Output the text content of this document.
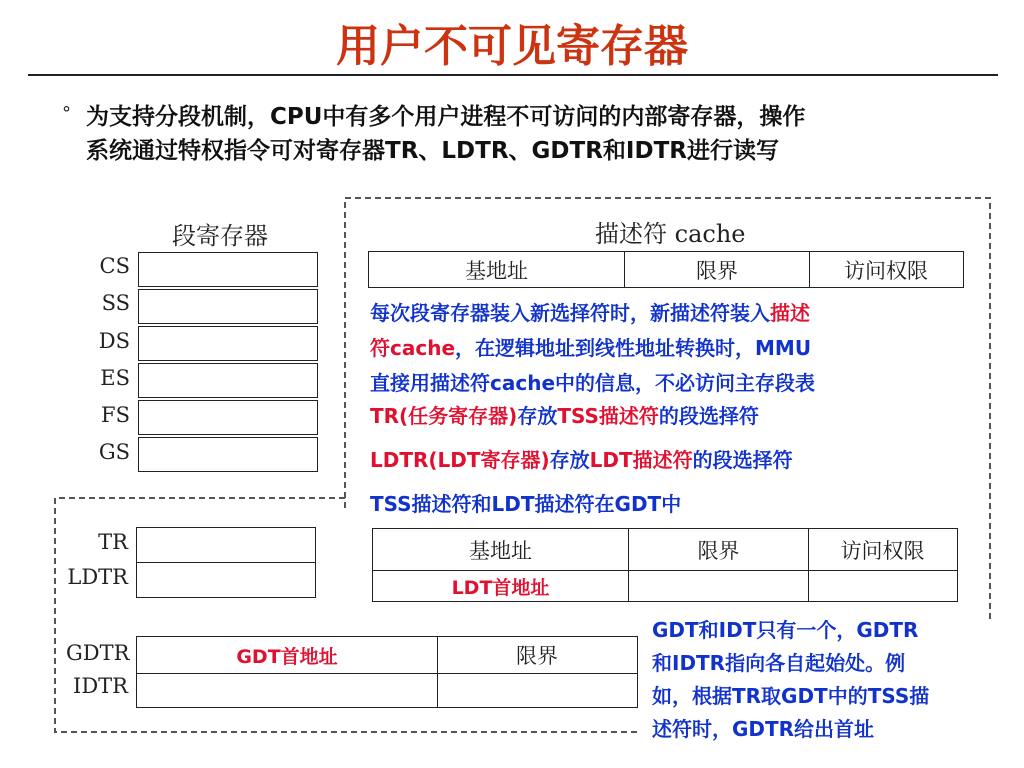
用户不可见寄存器
° 为支持分段机制，CPU中有多个用户进程不可访问的内部寄存器，操作
系统通过特权指令可对寄存器TR、LDTR、GDTR和IDTR进行读写
段寄存器
CS
SS
DS
ES
FS
GS
描述符 cache
基地址	限界	访问权限
每次段寄存器装入新选择符时，新描述符装入描述
符cache，在逻辑地址到线性地址转换时，MMU
直接用描述符cache中的信息，不必访问主存段表
TR(任务寄存器)存放TSS描述符的段选择符
LDTR(LDT寄存器)存放LDT描述符的段选择符
TSS描述符和LDT描述符在GDT中
TR
LDTR
基地址	限界	访问权限
LDT首地址
GDTR
IDTR
GDT首地址	限界
GDT和IDT只有一个，GDTR
和IDTR指向各自起始处。例
如，根据TR取GDT中的TSS描
述符时，GDTR给出首址
